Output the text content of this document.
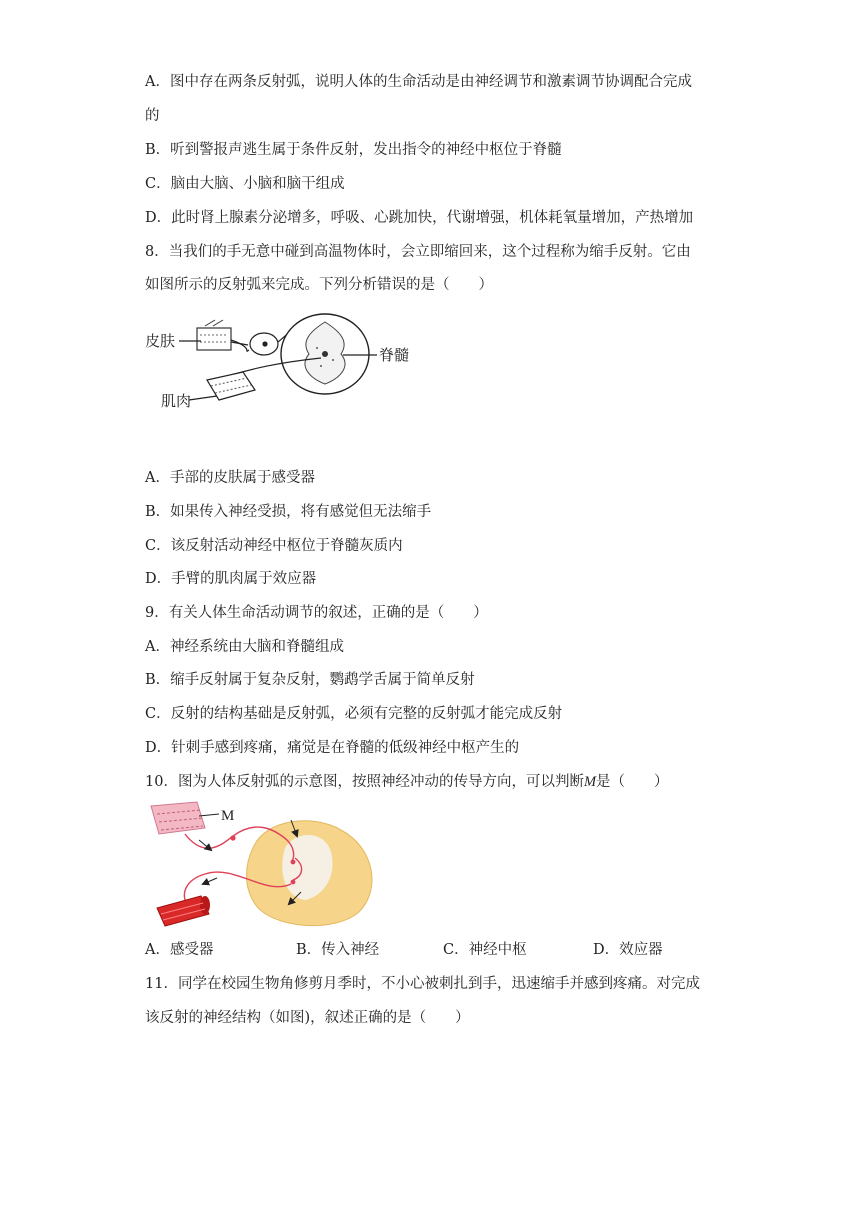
A．图中存在两条反射弧，说明人体的生命活动是由神经调节和激素调节协调配合完成
的
B．听到警报声逃生属于条件反射，发出指令的神经中枢位于脊髓
C．脑由大脑、小脑和脑干组成
D．此时肾上腺素分泌增多，呼吸、心跳加快，代谢增强，机体耗氧量增加，产热增加
8．当我们的手无意中碰到高温物体时，会立即缩回来，这个过程称为缩手反射。它由
如图所示的反射弧来完成。下列分析错误的是（　　）
皮肤
脊髓
肌肉
A．手部的皮肤属于感受器
B．如果传入神经受损，将有感觉但无法缩手
C．该反射活动神经中枢位于脊髓灰质内
D．手臂的肌肉属于效应器
9．有关人体生命活动调节的叙述，正确的是（　　）
A．神经系统由大脑和脊髓组成
B．缩手反射属于复杂反射，鹦鹉学舌属于简单反射
C．反射的结构基础是反射弧，必须有完整的反射弧才能完成反射
D．针刺手感到疼痛，痛觉是在脊髓的低级神经中枢产生的
10．图为人体反射弧的示意图，按照神经冲动的传导方向，可以判断M是（　　）
M
A．感受器	B．传入神经	C．神经中枢	D．效应器
11．同学在校园生物角修剪月季时，不小心被刺扎到手，迅速缩手并感到疼痛。对完成
该反射的神经结构（如图)，叙述正确的是（　　）
